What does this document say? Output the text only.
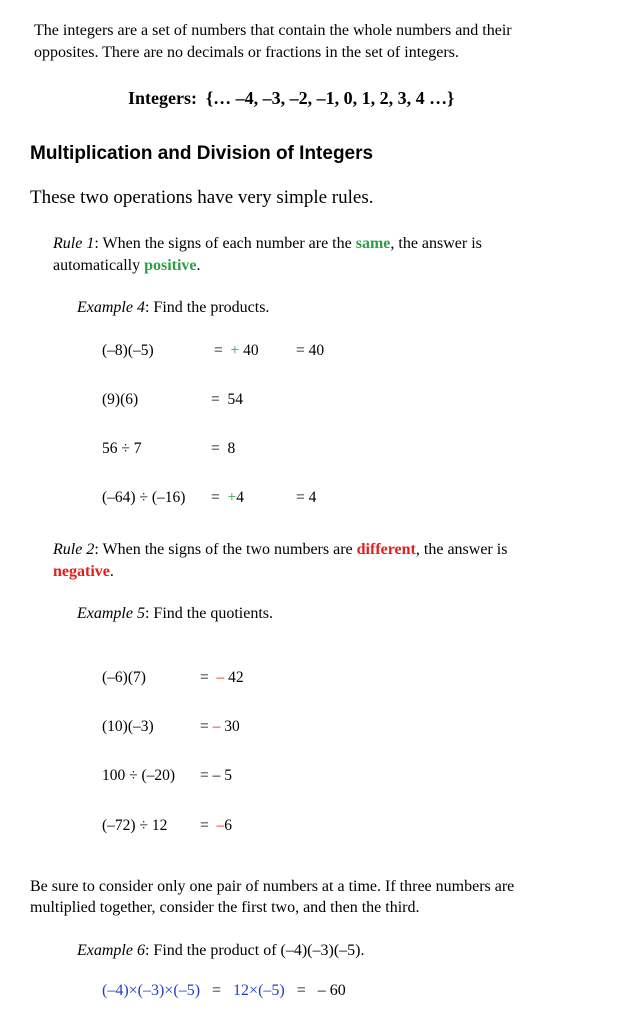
The integers are a set of numbers that contain the whole numbers and their
opposites. There are no decimals or fractions in the set of integers.
Integers: {… –4, –3, –2, –1, 0, 1, 2, 3, 4 …}
Multiplication and Division of Integers
These two operations have very simple rules.
Rule 1: When the signs of each number are the same, the answer is
automatically positive.
Example 4: Find the products.
(–8)(–5)	= + 40 = 40
(9)(6)	= 54
56 ÷ 7	= 8
(–64) ÷ (–16) = +4	= 4
Rule 2: When the signs of the two numbers are different, the answer is
negative.
Example 5: Find the quotients.
(–6)(7)	= – 42
(10)(–3)	= – 30
100 ÷ (–20) = – 5
(–72) ÷ 12 = –6
Be sure to consider only one pair of numbers at a time. If three numbers are
multiplied together, consider the first two, and then the third.
Example 6: Find the product of (–4)(–3)(–5).
(–4)×(–3)×(–5) = 12×(–5) = – 60
